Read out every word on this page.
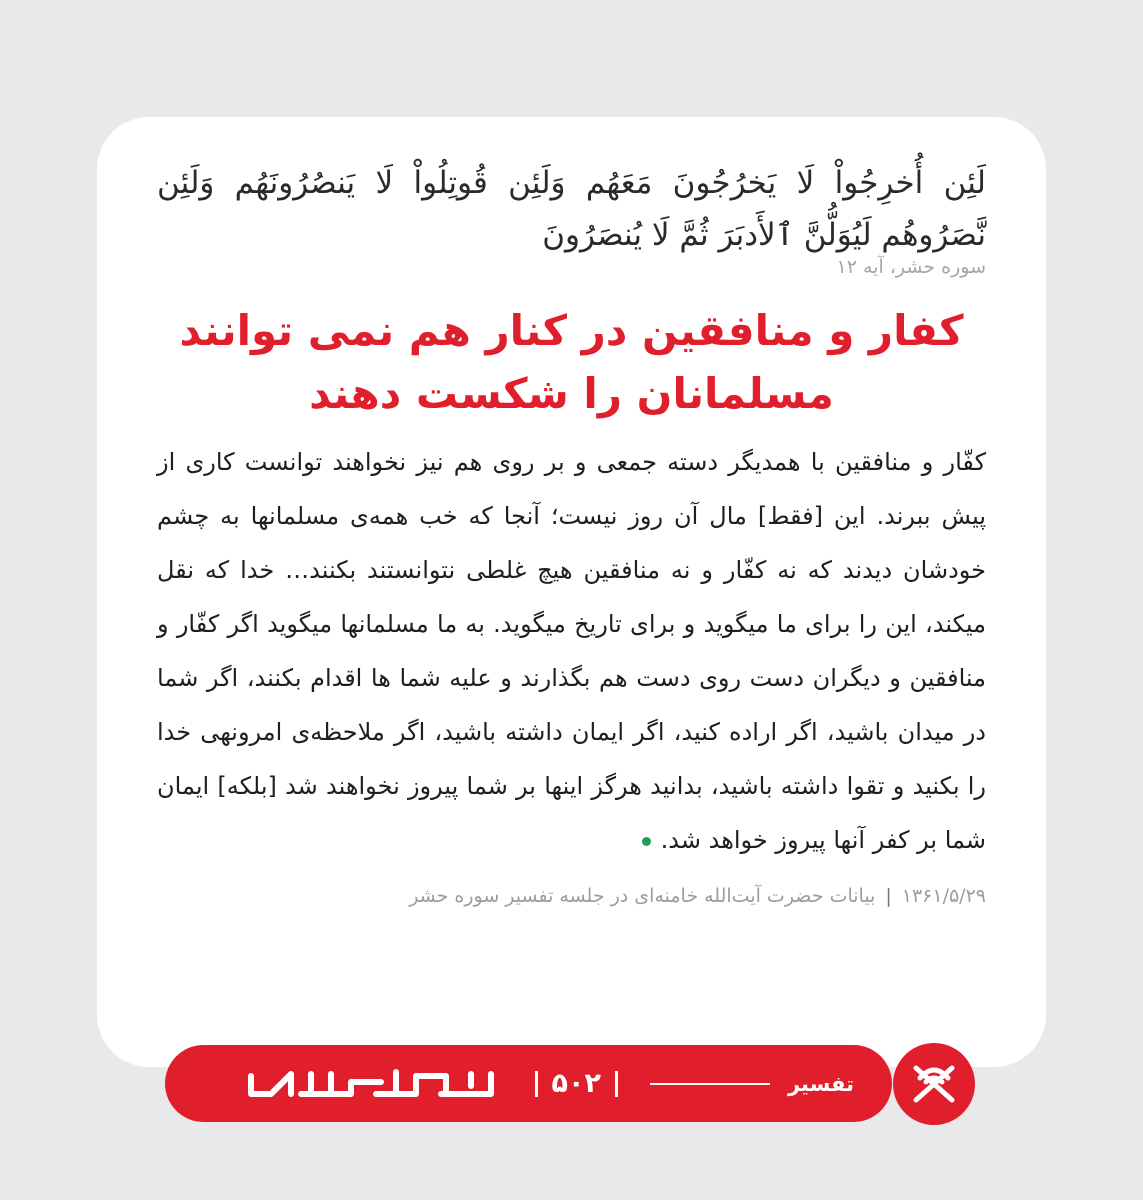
لَئِن أُخرِجُواْ لَا یَخرُجُونَ مَعَهُم وَلَئِن قُوتِلُواْ لَا یَنصُرُونَهُم وَلَئِن نَّصَرُوهُم لَیُوَلُّنَّ ٱلأَدبَرَ ثُمَّ لَا یُنصَرُونَ

سوره حشر، آیه ۱۲
کفار و منافقین در کنار هم نمی توانند
مسلمانان را شکست دهند

کفّار و منافقین با همدیگر دسته‌ جمعی و بر روی هم نیز نخواهند توانست کاری از پیش ببرند. این [فقط] مال آن روز نیست؛ آنجا که خب همه‌ی مسلمانها به چشم خودشان دیدند که نه کفّار و نه منافقین هیچ غلطی نتوانستند بکنند… خدا که نقل میکند، این را برای ما میگوید و برای تاریخ میگوید. به ما مسلمانها میگوید اگر کفّار و منافقین و دیگران دست روی دست هم بگذارند و علیه شما ها اقدام بکنند، اگر شما در میدان باشید، اگر اراده کنید، اگر ایمان داشته باشید، اگر ملاحظه‌ی امرونهی خدا را بکنید و تقوا داشته باشید، بدانید هرگز اینها بر شما پیروز نخواهند شد [بلکه] ایمان شما بر کفر آنها پیروز خواهد شد.

۱۳۶۱/۵/۲۹|بیانات حضرت آیت‌الله خامنه‌ای در جلسه تفسیر سوره حشر
تفسیر
۵۰۲
